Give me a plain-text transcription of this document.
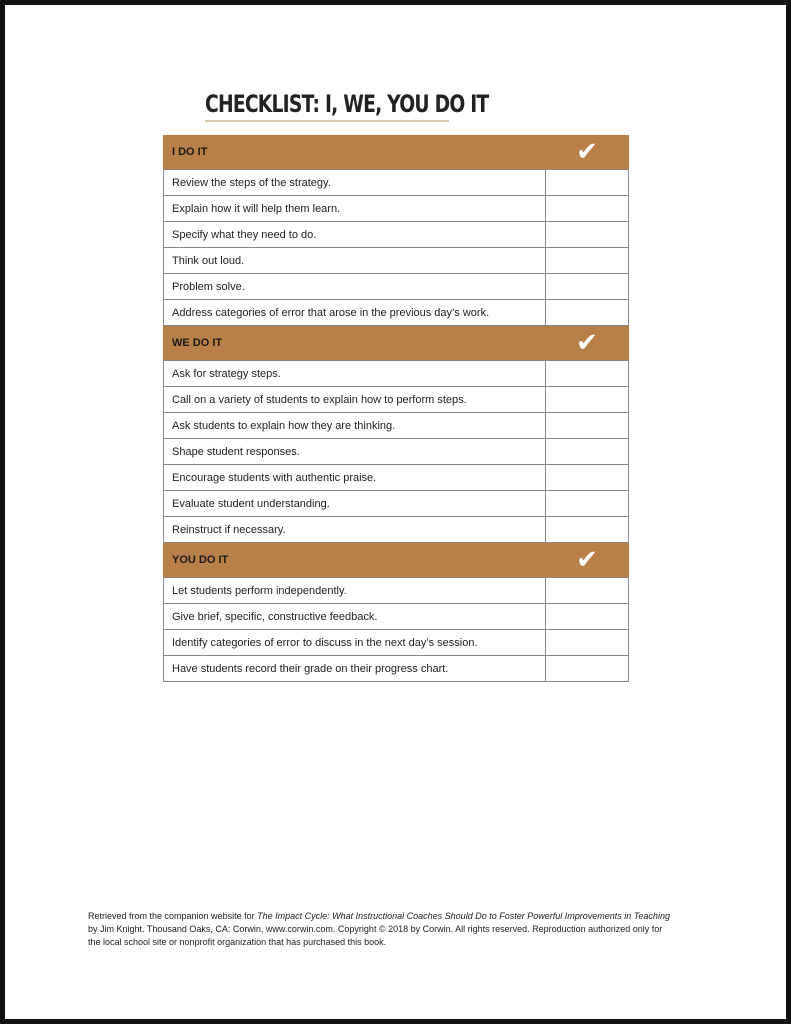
CHECKLIST: I, WE, YOU DO IT
I DO IT	✔
Review the steps of the strategy.	
Explain how it will help them learn.	
Specify what they need to do.	
Think out loud.	
Problem solve.	
Address categories of error that arose in the previous day’s work.	
WE DO IT	✔
Ask for strategy steps.	
Call on a variety of students to explain how to perform steps.	
Ask students to explain how they are thinking.	
Shape student responses.	
Encourage students with authentic praise.	
Evaluate student understanding.	
Reinstruct if necessary.	
YOU DO IT	✔
Let students perform independently.	
Give brief, specific, constructive feedback.	
Identify categories of error to discuss in the next day’s session.	
Have students record their grade on their progress chart.	
Retrieved from the companion website for The Impact Cycle: What Instructional Coaches Should Do to Foster Powerful Improvements in Teaching
by Jim Knight. Thousand Oaks, CA: Corwin, www.corwin.com. Copyright © 2018 by Corwin. All rights reserved. Reproduction authorized only for
the local school site or nonprofit organization that has purchased this book.
